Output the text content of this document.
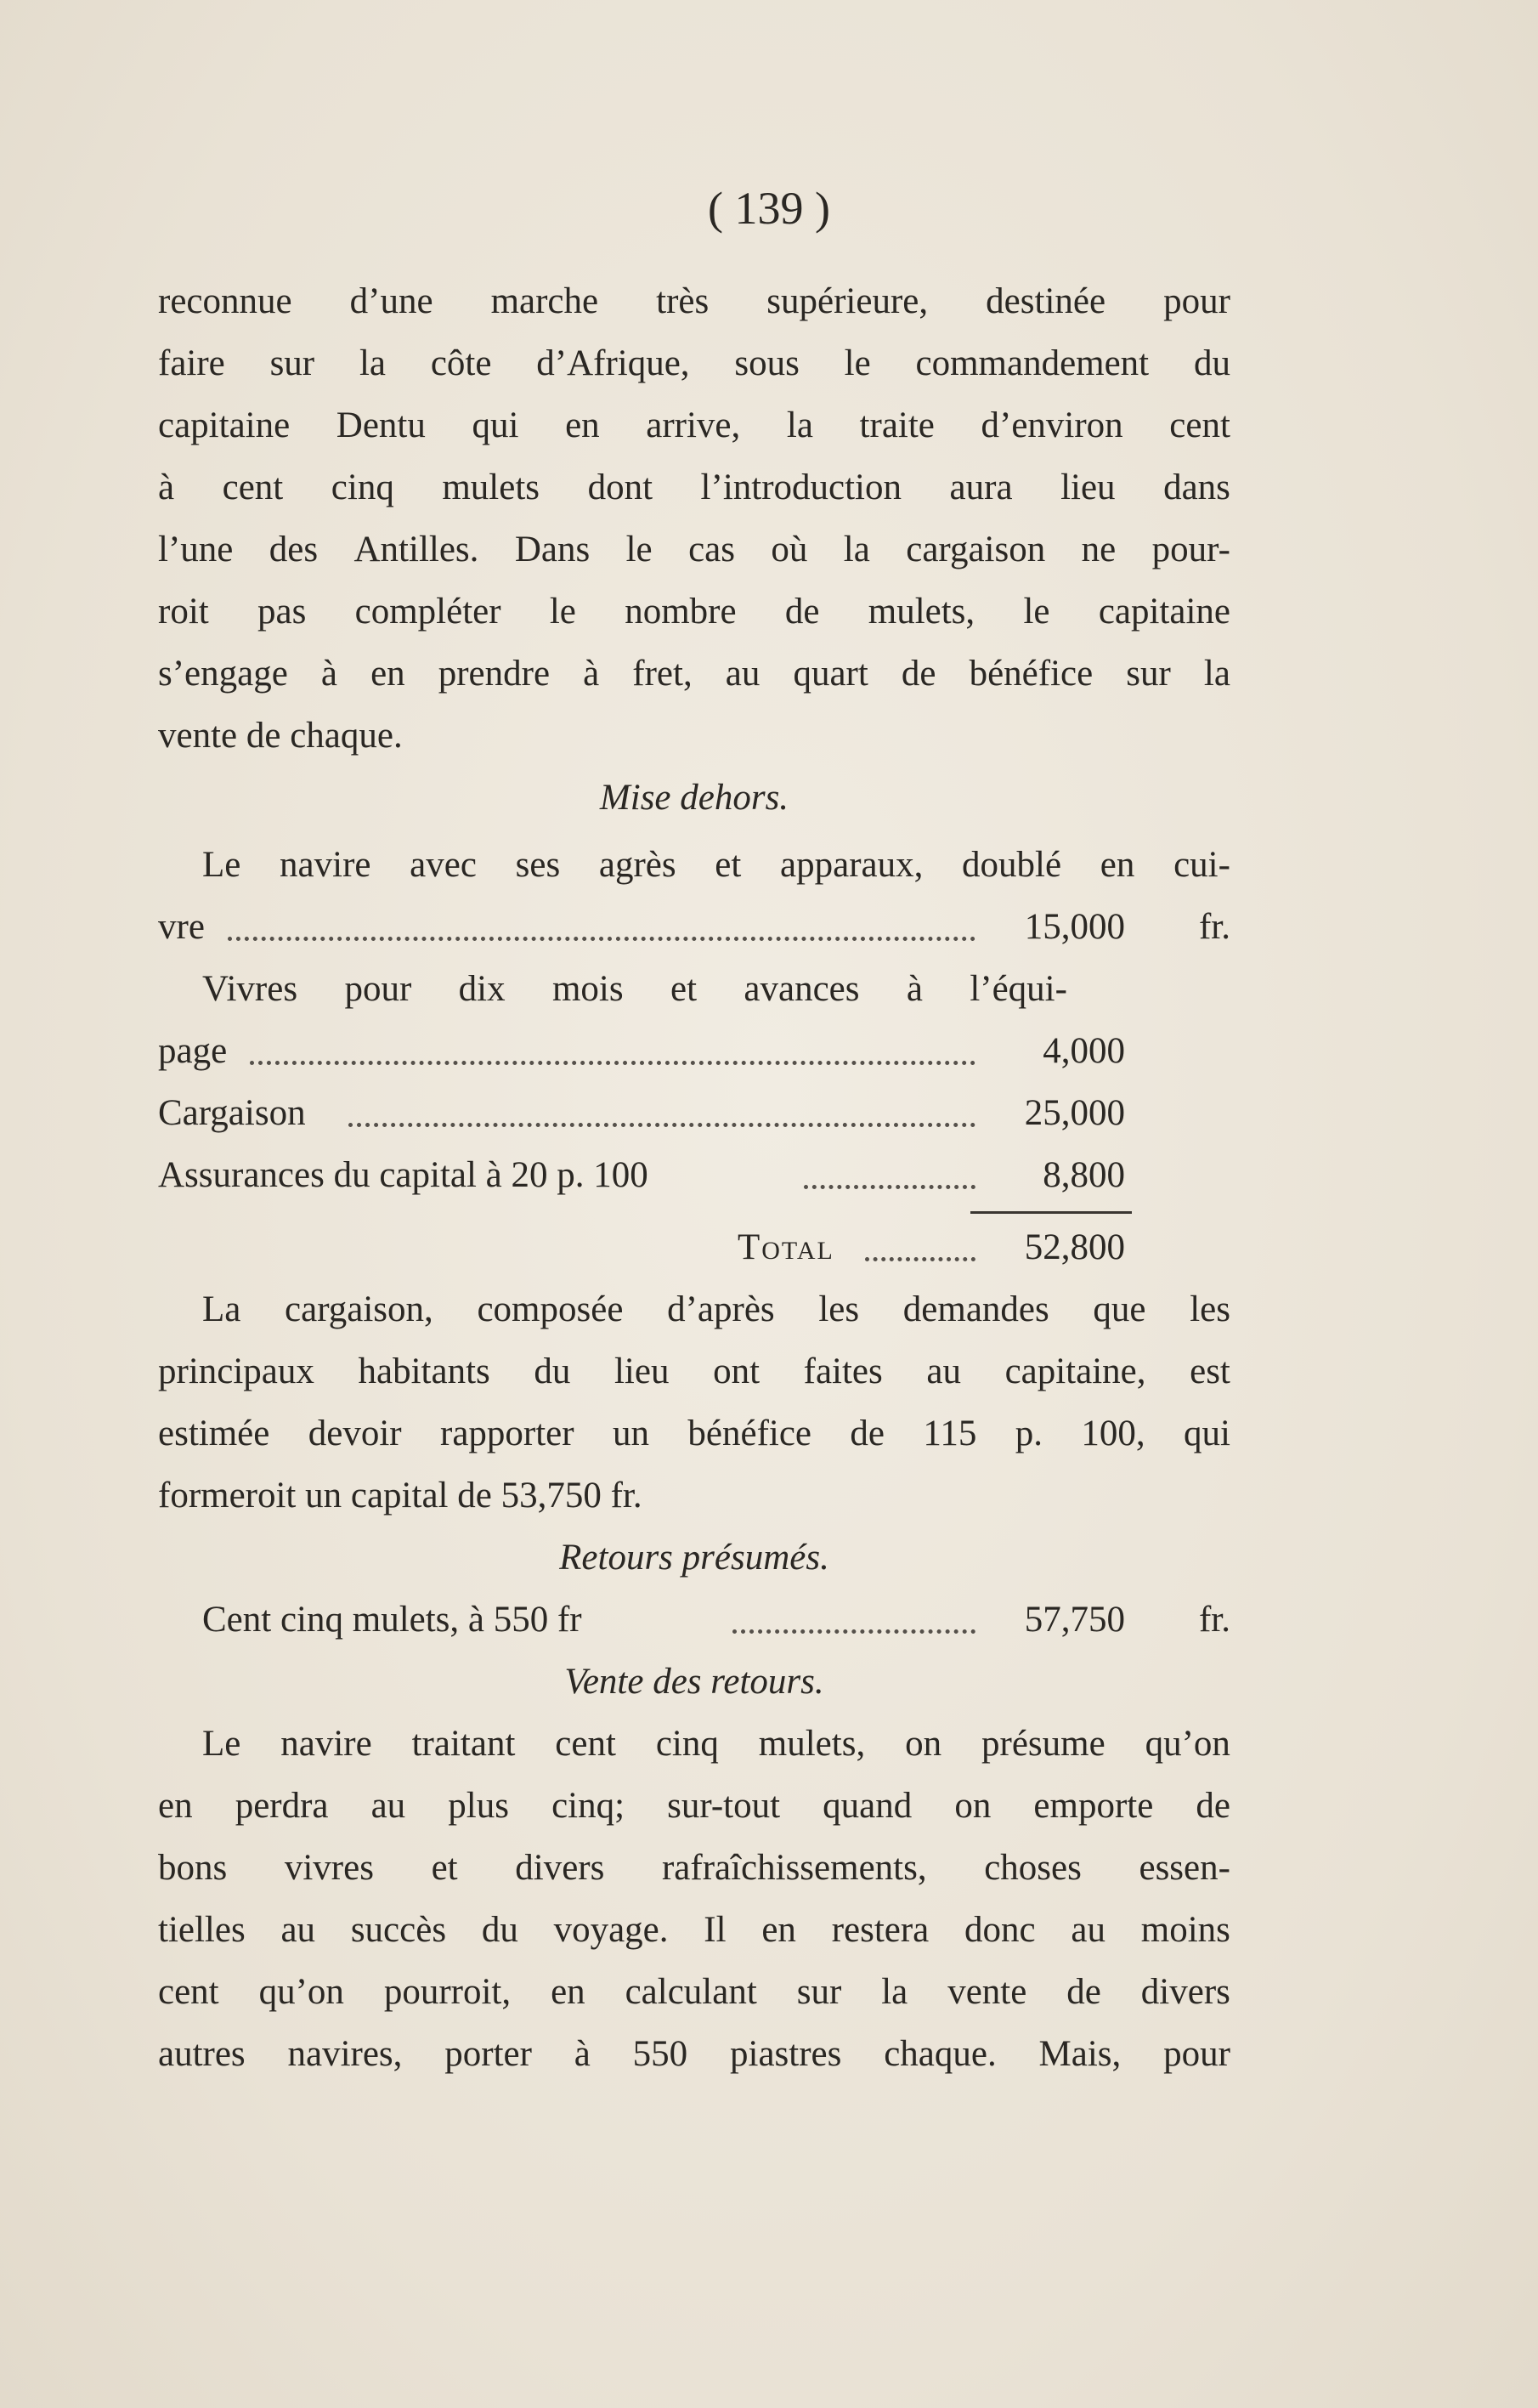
( 139 )
reconnue d’une marche très supérieure, destinée pour
faire sur la côte d’Afrique, sous le commandement du
capitaine Dentu qui en arrive, la traite d’environ cent
à cent cinq mulets dont l’introduction aura lieu dans
l’une des Antilles. Dans le cas où la cargaison ne pour-
roit pas compléter le nombre de mulets, le capitaine
s’engage à en prendre à fret, au quart de bénéfice sur la
vente de chaque.
Mise dehors.
Le navire avec ses agrès et apparaux, doublé en cui-
vre	15,000 fr.
Vivres pour dix mois et avances à l’équi-
page	4,000
Cargaison	25,000
Assurances du capital à 20 p. 100	8,800
Total	52,800
La cargaison, composée d’après les demandes que les
principaux habitants du lieu ont faites au capitaine, est
estimée devoir rapporter un bénéfice de 115 p. 100, qui
formeroit un capital de 53,750 fr.
Retours présumés.
Cent cinq mulets, à 550 fr	57,750 fr.
Vente des retours.
Le navire traitant cent cinq mulets, on présume qu’on
en perdra au plus cinq; sur-tout quand on emporte de
bons vivres et divers rafraîchissements, choses essen-
tielles au succès du voyage. Il en restera donc au moins
cent qu’on pourroit, en calculant sur la vente de divers
autres navires, porter à 550 piastres chaque. Mais, pour
